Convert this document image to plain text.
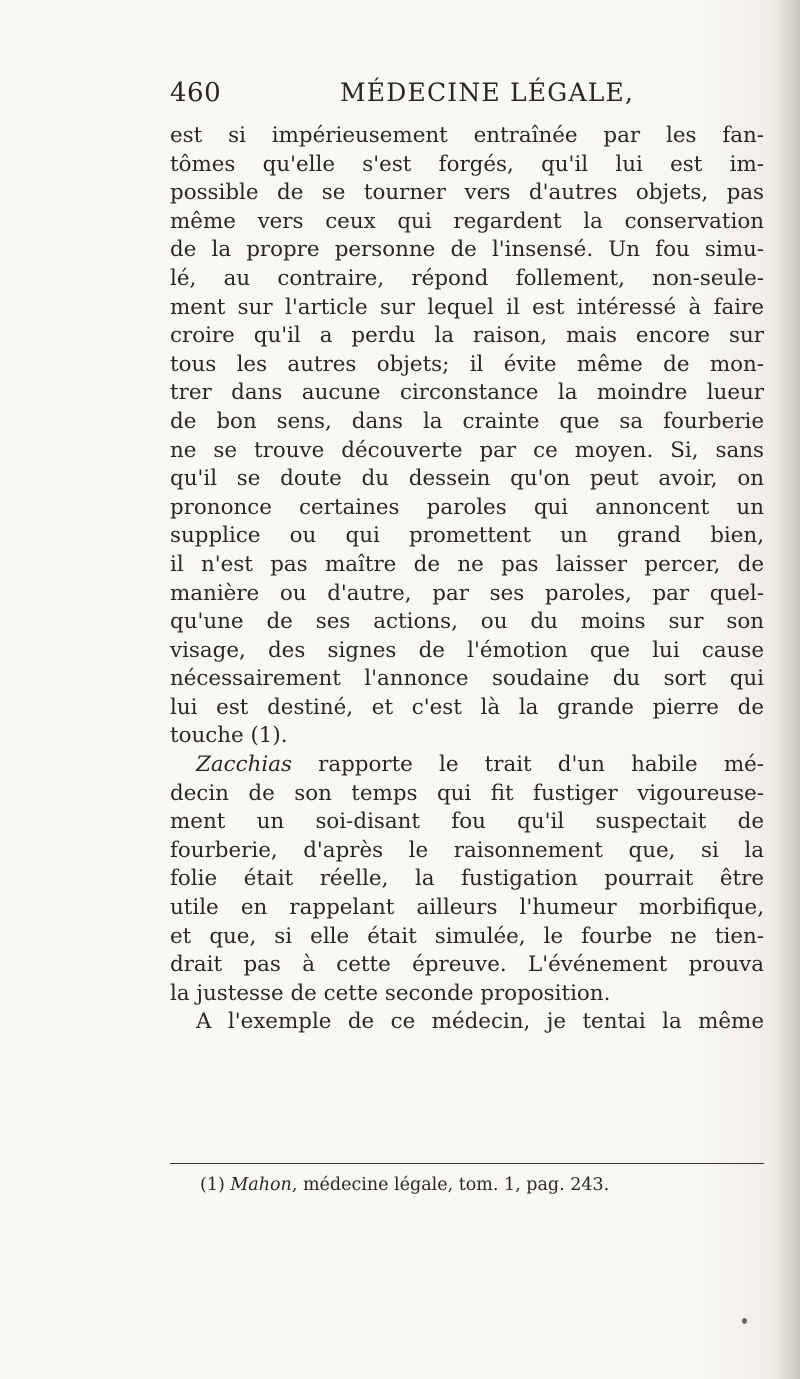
460	MÉDECINE LÉGALE,
est si impérieusement entraînée par les fan-
tômes qu'elle s'est forgés, qu'il lui est im-
possible de se tourner vers d'autres objets, pas
même vers ceux qui regardent la conservation
de la propre personne de l'insensé. Un fou simu-
lé, au contraire, répond follement, non-seule-
ment sur l'article sur lequel il est intéressé à faire
croire qu'il a perdu la raison, mais encore sur
tous les autres objets; il évite même de mon-
trer dans aucune circonstance la moindre lueur
de bon sens, dans la crainte que sa fourberie
ne se trouve découverte par ce moyen. Si, sans
qu'il se doute du dessein qu'on peut avoir, on
prononce certaines paroles qui annoncent un
supplice ou qui promettent un grand bien,
il n'est pas maître de ne pas laisser percer, de
manière ou d'autre, par ses paroles, par quel-
qu'une de ses actions, ou du moins sur son
visage, des signes de l'émotion que lui cause
nécessairement l'annonce soudaine du sort qui
lui est destiné, et c'est là la grande pierre de
touche (1).
Zacchias rapporte le trait d'un habile mé-
decin de son temps qui fit fustiger vigoureuse-
ment un soi-disant fou qu'il suspectait de
fourberie, d'après le raisonnement que, si la
folie était réelle, la fustigation pourrait être
utile en rappelant ailleurs l'humeur morbifique,
et que, si elle était simulée, le fourbe ne tien-
drait pas à cette épreuve. L'événement prouva
la justesse de cette seconde proposition.
A l'exemple de ce médecin, je tentai la même
(1) Mahon, médecine légale, tom. 1, pag. 243.
